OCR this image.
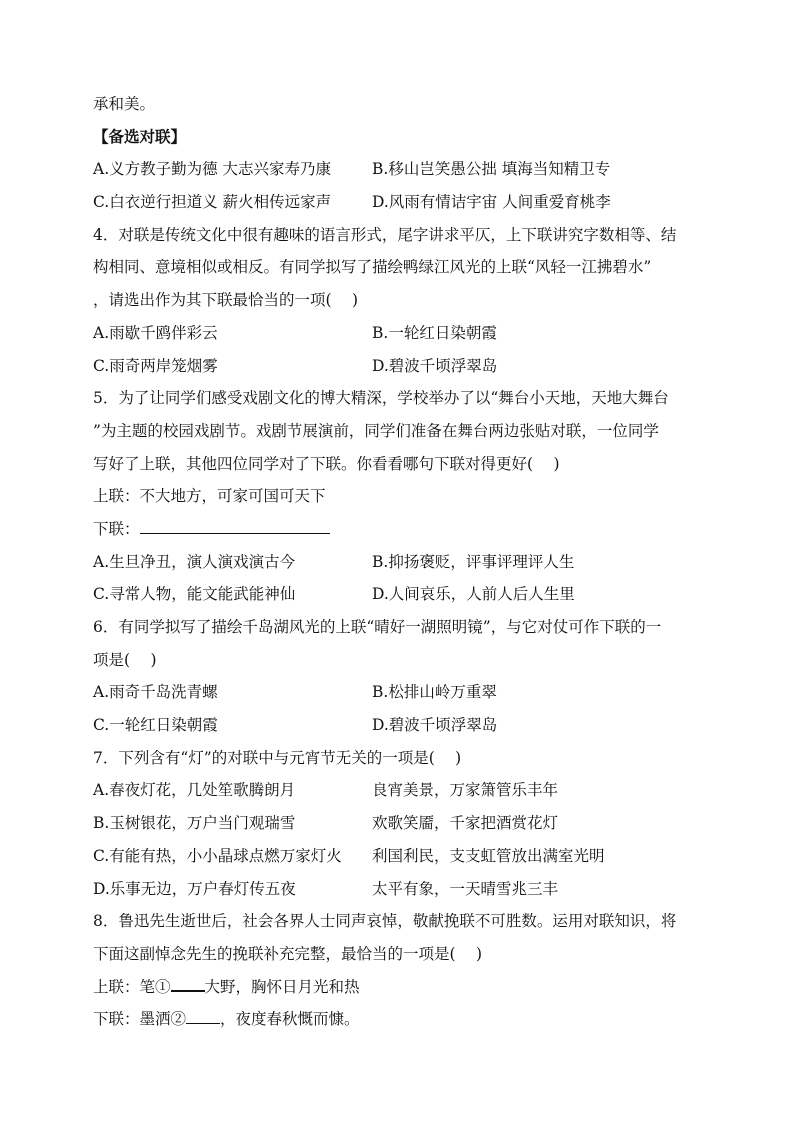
承和美。
【备选对联】
A.义方教子勤为德 大志兴家寿乃康	B.移山岂笑愚公拙 填海当知精卫专
C.白衣逆行担道义 薪火相传远家声	D.风雨有情诘宇宙 人间重爱育桃李
4．对联是传统文化中很有趣味的语言形式，尾字讲求平仄，上下联讲究字数相等、结
构相同、意境相似或相反。有同学拟写了描绘鸭绿江风光的上联“风轻一江拂碧水”
，请选出作为其下联最恰当的一项(　 )
A.雨歇千鸥伴彩云	B.一轮红日染朝霞
C.雨奇两岸笼烟雾	D.碧波千顷浮翠岛
5．为了让同学们感受戏剧文化的博大精深，学校举办了以“舞台小天地，天地大舞台
”为主题的校园戏剧节。戏剧节展演前，同学们准备在舞台两边张贴对联，一位同学
写好了上联，其他四位同学对了下联。你看看哪句下联对得更好(　 )
上联：不大地方，可家可国可天下
下联：
A.生旦净丑，演人演戏演古今	B.抑扬褒贬，评事评理评人生
C.寻常人物，能文能武能神仙	D.人间哀乐，人前人后人生里
6．有同学拟写了描绘千岛湖风光的上联“晴好一湖照明镜”，与它对仗可作下联的一
项是(　 )
A.雨奇千岛洗青螺	B.松排山岭万重翠
C.一轮红日染朝霞	D.碧波千顷浮翠岛
7．下列含有“灯”的对联中与元宵节无关的一项是(　 )
A.春夜灯花，几处笙歌腾朗月	良宵美景，万家箫管乐丰年
B.玉树银花，万户当门观瑞雪	欢歌笑靥，千家把酒赏花灯
C.有能有热，小小晶球点燃万家灯火	利国利民，支支虹管放出满室光明
D.乐事无边，万户春灯传五夜	太平有象，一天晴雪兆三丰
8．鲁迅先生逝世后，社会各界人士同声哀悼，敬献挽联不可胜数。运用对联知识，将
下面这副悼念先生的挽联补充完整，最恰当的一项是(　 )
上联：笔① 大野，胸怀日月光和热
下联：墨洒② ，夜度春秋慨而慷。
